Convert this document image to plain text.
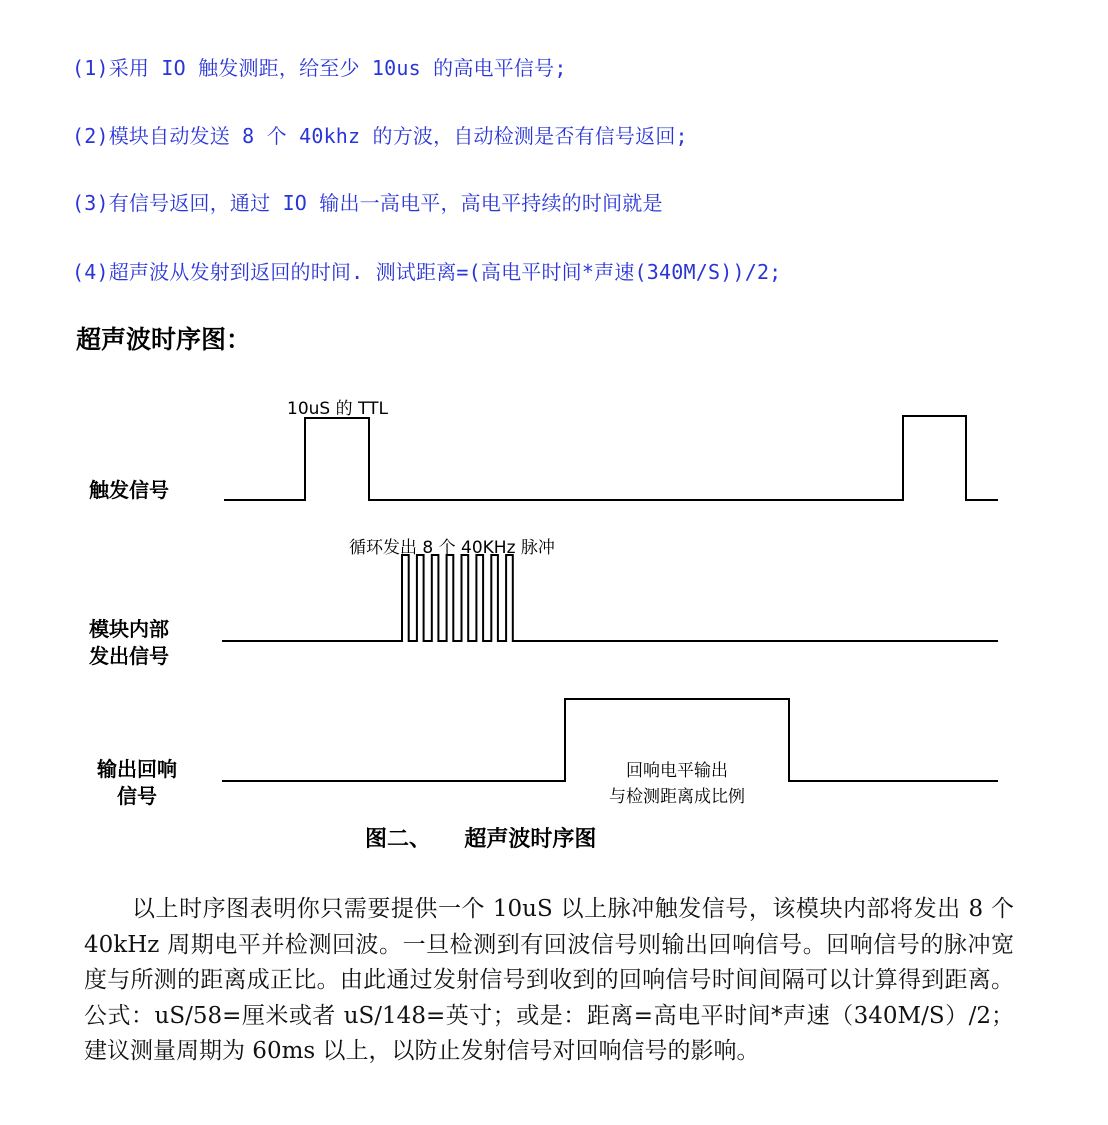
(1)采用 IO 触发测距，给至少 10us 的高电平信号;
(2)模块自动发送 8 个 40khz 的方波，自动检测是否有信号返回;
(3)有信号返回，通过 IO 输出一高电平，高电平持续的时间就是
(4)超声波从发射到返回的时间. 测试距离=(高电平时间*声速(340M/S))/2;
超声波时序图：
触发信号
模块内部
发出信号
输出回响
信号
10uS 的 TTL
循环发出 8 个 40KHz 脉冲
回响电平输出
与检测距离成比例
图二、 超声波时序图
以上时序图表明你只需要提供一个 10uS 以上脉冲触发信号，该模块内部将发出 8 个 40kHz 周期电平并检测回波。一旦检测到有回波信号则输出回响信号。回响信号的脉冲宽度与所测的距离成正比。由此通过发射信号到收到的回响信号时间间隔可以计算得到距离。公式：uS/58=厘米或者 uS/148=英寸；或是：距离=高电平时间*声速（340M/S）/2；建议测量周期为 60ms 以上，以防止发射信号对回响信号的影响。
